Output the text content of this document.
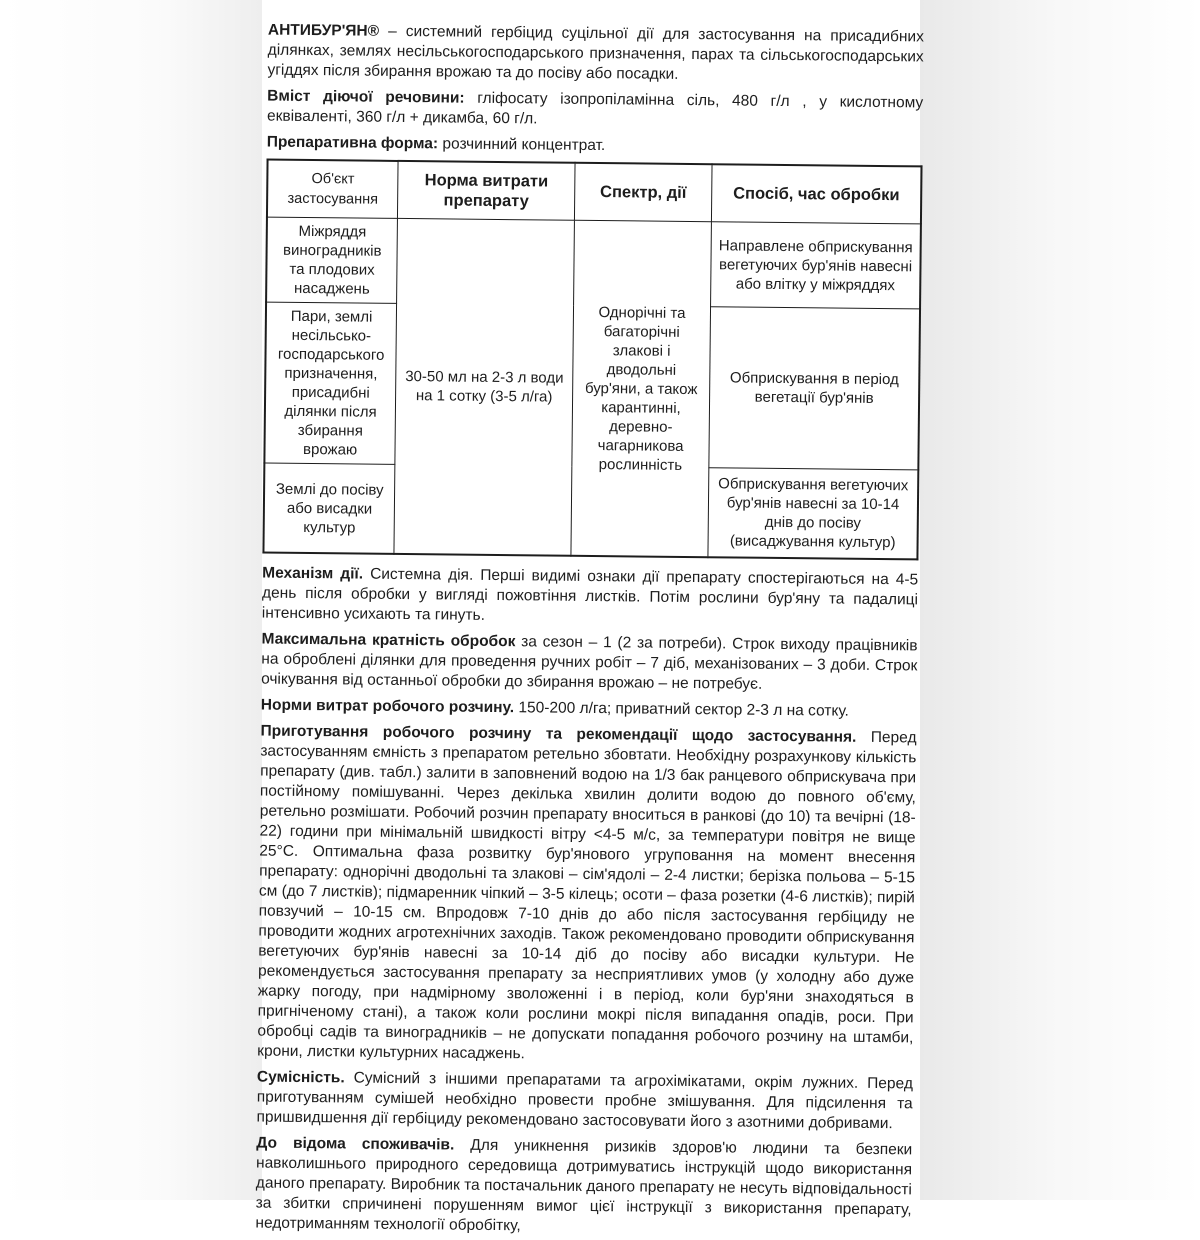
АНТИБУР'ЯН® – системний гербіцид суцільної дії для застосування на присадибних ділянках, землях несільськогосподарського призначення, парах та сільськогосподарських угіддях після збирання врожаю та до посіву або посадки.

Вміст діючої речовини: гліфосату ізопропіламінна сіль, 480 г/л , у кислотному еквіваленті, 360 г/л + дикамба, 60 г/л.

Препаративна форма: розчинний концентрат.

Об'єкт застосування	Норма витрати препарату	Спектр, дії	Спосіб, час обробки
Міжряддя виноградників та плодових насаджень	30-50 мл на 2-3 л води на 1 сотку (3-5 л/га)	Однорічні та багаторічні злакові і дводольні бур'яни, а також карантинні, деревно-чагарникова рослинність	Направлене обприскування вегетуючих бур'янів навесні або влітку у міжряддях
Пари, землі несільсько-господарського призначення, присадибні ділянки після збирання врожаю			Обприскування в період вегетації бур'янів
Землі до посіву або висадки культур			Обприскування вегетуючих бур'янів навесні за 10-14 днів до посіву (висаджування культур)

Механізм дії. Системна дія. Перші видимі ознаки дії препарату спостерігаються на 4-5 день після обробки у вигляді пожовтіння листків. Потім рослини бур'яну та падалиці інтенсивно усихають та гинуть.

Максимальна кратність обробок за сезон – 1 (2 за потреби). Строк виходу працівників на оброблені ділянки для проведення ручних робіт – 7 діб, механізованих – 3 доби. Строк очікування від останньої обробки до збирання врожаю – не потребує.

Норми витрат робочого розчину. 150-200 л/га; приватний сектор 2-3 л на сотку.

Приготування робочого розчину та рекомендації щодо застосування. Перед застосуванням ємність з препаратом ретельно збовтати. Необхідну розрахункову кількість препарату (див. табл.) залити в заповнений водою на 1/3 бак ранцевого обприскувача при постійному помішуванні. Через декілька хвилин долити водою до повного об'єму, ретельно розмішати. Робочий розчин препарату вноситься в ранкові (до 10) та вечірні (18-22) години при мінімальній швидкості вітру <4-5 м/с, за температури повітря не вище 25°C. Оптимальна фаза розвитку бур'янового угруповання на момент внесення препарату: однорічні дводольні та злакові – сім'ядолі – 2-4 листки; берізка польова – 5-15 см (до 7 листків); підмаренник чіпкий – 3-5 кілець; осоти – фаза розетки (4-6 листків); пирій повзучий – 10-15 см. Впродовж 7-10 днів до або після застосування гербіциду не проводити жодних агротехнічних заходів. Також рекомендовано проводити обприскування вегетуючих бур'янів навесні за 10-14 діб до посіву або висадки культури. Не рекомендується застосування препарату за несприятливих умов (у холодну або дуже жарку погоду, при надмірному зволоженні і в період, коли бур'яни знаходяться в пригніченому стані), а також коли рослини мокрі після випадання опадів, роси. При обробці садів та виноградників – не допускати попадання робочого розчину на штамби, крони, листки культурних насаджень.

Сумісність. Сумісний з іншими препаратами та агрохімікатами, окрім лужних. Перед приготуванням сумішей необхідно провести пробне змішування. Для підсилення та пришвидшення дії гербіциду рекомендовано застосовувати його з азотними добривами.

До відома споживачів. Для уникнення ризиків здоров'ю людини та безпеки навколишнього природного середовища дотримуватись інструкцій щодо використання даного препарату. Виробник та постачальник даного препарату не несуть відповідальності за збитки спричинені порушенням вимог цієї інструкції з використання препарату, недотриманням технології обробітку,
